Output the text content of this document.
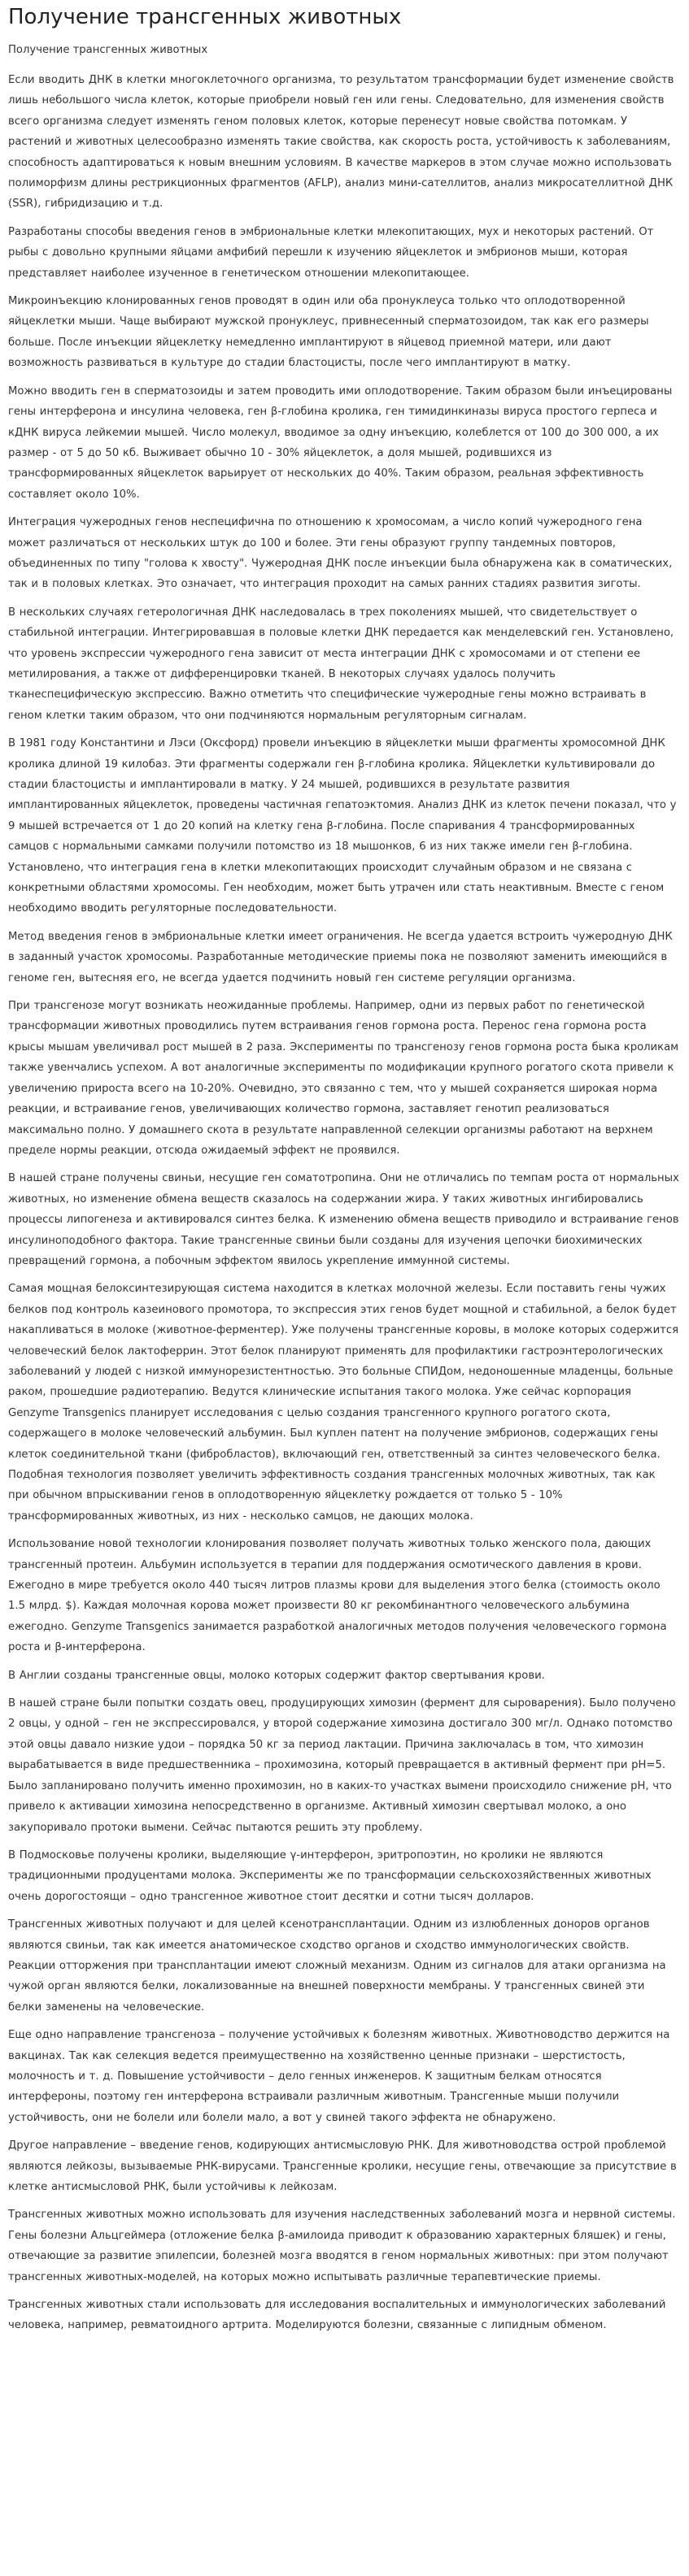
Получение трансгенных животных

Получение трансгенных животных

Если вводить ДНК в клетки многоклеточного организма, то результатом трансформации будет изменение свойств лишь небольшого числа клеток, которые приобрели новый ген или гены. Следовательно, для изменения свойств всего организма следует изменять геном половых клеток, которые перенесут новые свойства потомкам. У растений и животных целесообразно изменять такие свойства, как скорость роста, устойчивость к заболеваниям, способность адаптироваться к новым внешним условиям. В качестве маркеров в этом случае можно использовать полиморфизм длины рестрикционных фрагментов (AFLP), анализ мини-сателлитов, анализ микросателлитной ДНК (SSR), гибридизацию и т.д.

Разработаны способы введения генов в эмбриональные клетки млекопитающих, мух и некоторых растений. От рыбы с довольно крупными яйцами амфибий перешли к изучению яйцеклеток и эмбрионов мыши, которая представляет наиболее изученное в генетическом отношении млекопитающее.

Микроинъекцию клонированных генов проводят в один или оба пронуклеуса только что оплодотворенной яйцеклетки мыши. Чаще выбирают мужской пронуклеус, привнесенный сперматозоидом, так как его размеры больше. После инъекции яйцеклетку немедленно имплантируют в яйцевод приемной матери, или дают возможность развиваться в культуре до стадии бластоцисты, после чего имплантируют в матку.

Можно вводить ген в сперматозоиды и затем проводить ими оплодотворение. Таким образом были инъецированы гены интерферона и инсулина человека, ген β-глобина кролика, ген тимидинкиназы вируса простого герпеса и кДНК вируса лейкемии мышей. Число молекул, вводимое за одну инъекцию, колеблется от 100 до 300 000, а их размер - от 5 до 50 кб. Выживает обычно 10 - 30% яйцеклеток, а доля мышей, родившихся из трансформированных яйцеклеток варьирует от нескольких до 40%. Таким образом, реальная эффективность составляет около 10%.

Интеграция чужеродных генов неспецифична по отношению к хромосомам, а число копий чужеродного гена может различаться от нескольких штук до 100 и более. Эти гены образуют группу тандемных повторов, объединенных по типу "голова к хвосту". Чужеродная ДНК после инъекции была обнаружена как в соматических, так и в половых клетках. Это означает, что интеграция проходит на самых ранних стадиях развития зиготы.

В нескольких случаях гетерологичная ДНК наследовалась в трех поколениях мышей, что свидетельствует о стабильной интеграции. Интегрировавшая в половые клетки ДНК передается как менделевский ген. Установлено, что уровень экспрессии чужеродного гена зависит от места интеграции ДНК с хромосомами и от степени ее метилирования, а также от дифференцировки тканей. В некоторых случаях удалось получить тканеспецифическую экспрессию. Важно отметить что специфические чужеродные гены можно встраивать в геном клетки таким образом, что они подчиняются нормальным регуляторным сигналам.

В 1981 году Константини и Лэси (Оксфорд) провели инъекцию в яйцеклетки мыши фрагменты хромосомной ДНК кролика длиной 19 килобаз. Эти фрагменты содержали ген β-глобина кролика. Яйцеклетки культивировали до стадии бластоцисты и имплантировали в матку. У 24 мышей, родившихся в результате развития имплантированных яйцеклеток, проведены частичная гепатоэктомия. Анализ ДНК из клеток печени показал, что у 9 мышей встречается от 1 до 20 копий на клетку гена β-глобина. После спаривания 4 трансформированных самцов с нормальными самками получили потомство из 18 мышонков, 6 из них также имели ген β-глобина. Установлено, что интеграция гена в клетки млекопитающих происходит случайным образом и не связана с конкретными областями хромосомы. Ген необходим, может быть утрачен или стать неактивным. Вместе с геном необходимо вводить регуляторные последовательности.

Метод введения генов в эмбриональные клетки имеет ограничения. Не всегда удается встроить чужеродную ДНК в заданный участок хромосомы. Разработанные методические приемы пока не позволяют заменить имеющийся в геноме ген, вытесняя его, не всегда удается подчинить новый ген системе регуляции организма.

При трансгенозе могут возникать неожиданные проблемы. Например, одни из первых работ по генетической трансформации животных проводились путем встраивания генов гормона роста. Перенос гена гормона роста крысы мышам увеличивал рост мышей в 2 раза. Эксперименты по трансгенозу генов гормона роста быка кроликам также увенчались успехом. А вот аналогичные эксперименты по модификации крупного рогатого скота привели к увеличению прироста всего на 10-20%. Очевидно, это связанно с тем, что у мышей сохраняется широкая норма реакции, и встраивание генов, увеличивающих количество гормона, заставляет генотип реализоваться максимально полно. У домашнего скота в результате направленной селекции организмы работают на верхнем пределе нормы реакции, отсюда ожидаемый эффект не проявился.

В нашей стране получены свиньи, несущие ген соматотропина. Они не отличались по темпам роста от нормальных животных, но изменение обмена веществ сказалось на содержании жира. У таких животных ингибировались процессы липогенеза и активировался синтез белка. К изменению обмена веществ приводило и встраивание генов инсулиноподобного фактора. Такие трансгенные свиньи были созданы для изучения цепочки биохимических превращений гормона, а побочным эффектом явилось укрепление иммунной системы.

Самая мощная белоксинтезирующая система находится в клетках молочной железы. Если поставить гены чужих белков под контроль казеинового промотора, то экспрессия этих генов будет мощной и стабильной, а белок будет накапливаться в молоке (животное-ферментер). Уже получены трансгенные коровы, в молоке которых содержится человеческий белок лактоферрин. Этот белок планируют применять для профилактики гастроэнтерологических заболеваний у людей с низкой иммунорезистентностью. Это больные СПИДом, недоношенные младенцы, больные раком, прошедшие радиотерапию. Ведутся клинические испытания такого молока. Уже сейчас корпорация Genzyme Transgenics планирует исследования с целью создания трансгенного крупного рогатого скота, содержащего в молоке человеческий альбумин. Был куплен патент на получение эмбрионов, содержащих гены клеток соединительной ткани (фибробластов), включающий ген, ответственный за синтез человеческого белка. Подобная технология позволяет увеличить эффективность создания трансгенных молочных животных, так как при обычном впрыскивании генов в оплодотворенную яйцеклетку рождается от только 5 - 10% трансформированных животных, из них - несколько самцов, не дающих молока.

Использование новой технологии клонирования позволяет получать животных только женского пола, дающих трансгенный протеин. Альбумин используется в терапии для поддержания осмотического давления в крови. Ежегодно в мире требуется около 440 тысяч литров плазмы крови для выделения этого белка (стоимость около 1.5 млрд. $). Каждая молочная корова может произвести 80 кг рекомбинантного человеческого альбумина ежегодно. Genzyme Transgenics занимается разработкой аналогичных методов получения человеческого гормона роста и β-интерферона.

В Англии созданы трансгенные овцы, молоко которых содержит фактор свертывания крови.

В нашей стране были попытки создать овец, продуцирующих химозин (фермент для сыроварения). Было получено 2 овцы, у одной – ген не экспрессировался, у второй содержание химозина достигало 300 мг/л. Однако потомство этой овцы давало низкие удои – порядка 50 кг за период лактации. Причина заключалась в том, что химозин вырабатывается в виде предшественника – прохимозина, который превращается в активный фермент при pH=5. Было запланировано получить именно прохимозин, но в каких-то участках вымени происходило снижение pH, что привело к активации химозина непосредственно в организме. Активный химозин свертывал молоко, а оно закупоривало протоки вымени. Сейчас пытаются решить эту проблему.

В Подмосковье получены кролики, выделяющие γ-интерферон, эритропоэтин, но кролики не являются традиционными продуцентами молока. Эксперименты же по трансформации сельскохозяйственных животных очень дорогостоящи – одно трансгенное животное стоит десятки и сотни тысяч долларов.

Трансгенных животных получают и для целей ксенотрансплантации. Одним из излюбленных доноров органов являются свиньи, так как имеется анатомическое сходство органов и сходство иммунологических свойств. Реакции отторжения при трансплантации имеют сложный механизм. Одним из сигналов для атаки организма на чужой орган являются белки, локализованные на внешней поверхности мембраны. У трансгенных свиней эти белки заменены на человеческие.

Еще одно направление трансгеноза – получение устойчивых к болезням животных. Животноводство держится на вакцинах. Так как селекция ведется преимущественно на хозяйственно ценные признаки – шерстистость, молочность и т. д. Повышение устойчивости – дело генных инженеров. К защитным белкам относятся интерфероны, поэтому ген интерферона встраивали различным животным. Трансгенные мыши получили устойчивость, они не болели или болели мало, а вот у свиней такого эффекта не обнаружено.

Другое направление – введение генов, кодирующих антисмысловую РНК. Для животноводства острой проблемой являются лейкозы, вызываемые РНК-вирусами. Трансгенные кролики, несущие гены, отвечающие за присутствие в клетке антисмысловой РНК, были устойчивы к лейкозам.

Трансгенных животных можно использовать для изучения наследственных заболеваний мозга и нервной системы. Гены болезни Альцгеймера (отложение белка β-амилоида приводит к образованию характерных бляшек) и гены, отвечающие за развитие эпилепсии, болезней мозга вводятся в геном нормальных животных: при этом получают трансгенных животных-моделей, на которых можно испытывать различные терапевтические приемы.

Трансгенных животных стали использовать для исследования воспалительных и иммунологических заболеваний человека, например, ревматоидного артрита. Моделируются болезни, связанные с липидным обменом.
